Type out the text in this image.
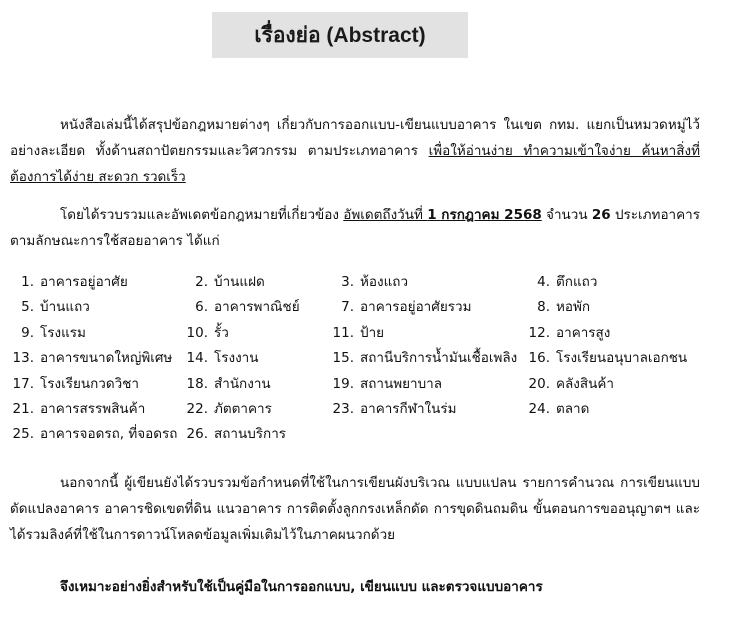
เรื่องย่อ (Abstract)
หนังสือเล่มนี้ได้สรุปข้อกฎหมายต่างๆ เกี่ยวกับการออกแบบ-เขียนแบบอาคาร ในเขต กทม. แยกเป็นหมวดหมู่ไว้อย่างละเอียด ทั้งด้านสถาปัตยกรรมและวิศวกรรม ตามประเภทอาคาร เพื่อให้อ่านง่าย ทำความเข้าใจง่าย ค้นหาสิ่งที่ต้องการได้ง่าย สะดวก รวดเร็ว
โดยได้รวบรวมและอัพเดตข้อกฎหมายที่เกี่ยวข้อง อัพเดตถึงวันที่ 1 กรกฎาคม 2568 จำนวน 26 ประเภทอาคาร ตามลักษณะการใช้สอยอาคาร ได้แก่
1. อาคารอยู่อาศัย	2. บ้านแฝด	3. ห้องแถว	4. ตึกแถว
5. บ้านแถว	6. อาคารพาณิชย์	7. อาคารอยู่อาศัยรวม	8. หอพัก
9. โรงแรม	10. รั้ว	11. ป้าย	12. อาคารสูง
13. อาคารขนาดใหญ่พิเศษ 14. โรงงาน	15. สถานีบริการน้ำมันเชื้อเพลิง 16. โรงเรียนอนุบาลเอกชน
17. โรงเรียนกวดวิชา	18. สำนักงาน	19. สถานพยาบาล	20. คลังสินค้า
21. อาคารสรรพสินค้า	22. ภัตตาคาร	23. อาคารกีฬาในร่ม	24. ตลาด
25. อาคารจอดรถ, ที่จอดรถ 26. สถานบริการ
นอกจากนี้ ผู้เขียนยังได้รวบรวมข้อกำหนดที่ใช้ในการเขียนผังบริเวณ แบบแปลน รายการคำนวณ การเขียนแบบดัดแปลงอาคาร อาคารชิดเขตที่ดิน แนวอาคาร การติดตั้งลูกกรงเหล็กดัด การขุดดินถมดิน ขั้นตอนการขออนุญาตฯ และได้รวมลิงค์ที่ใช้ในการดาวน์โหลดข้อมูลเพิ่มเติมไว้ในภาคผนวกด้วย
จึงเหมาะอย่างยิ่งสำหรับใช้เป็นคู่มือในการออกแบบ, เขียนแบบ และตรวจแบบอาคาร
